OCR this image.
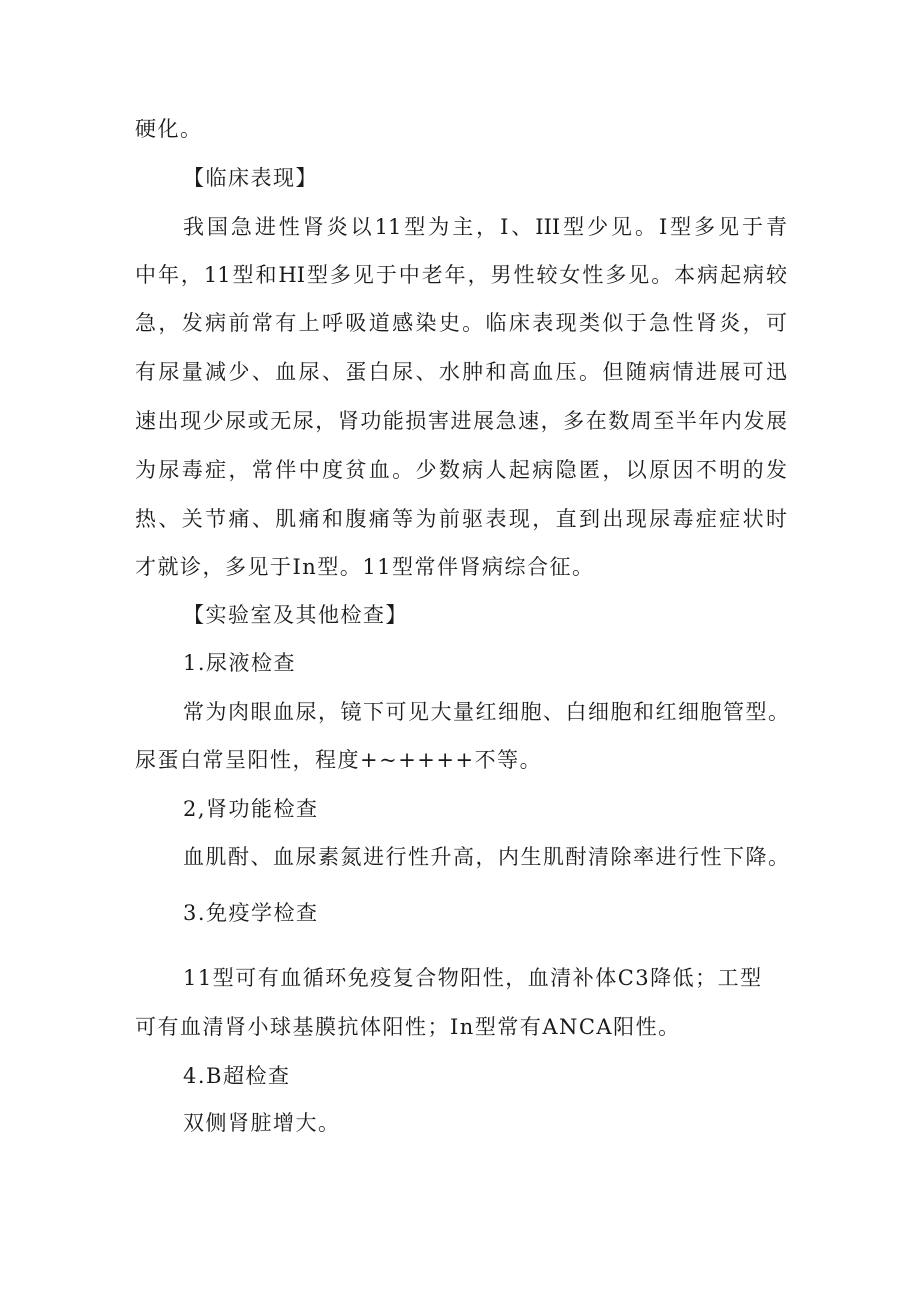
硬化。
【临床表现】
我国急进性肾炎以11型为主，I、III型少见。I型多见于青
中年，11型和HI型多见于中老年，男性较女性多见。本病起病较
急，发病前常有上呼吸道感染史。临床表现类似于急性肾炎，可
有尿量减少、血尿、蛋白尿、水肿和高血压。但随病情进展可迅
速出现少尿或无尿，肾功能损害进展急速，多在数周至半年内发展
为尿毒症，常伴中度贫血。少数病人起病隐匿，以原因不明的发
热、关节痛、肌痛和腹痛等为前驱表现，直到出现尿毒症症状时
才就诊，多见于In型。11型常伴肾病综合征。
【实验室及其他检查】
1.尿液检查
常为肉眼血尿，镜下可见大量红细胞、白细胞和红细胞管型。
尿蛋白常呈阳性，程度+~++++不等。
2,肾功能检查
血肌酎、血尿素氮进行性升高，内生肌酎清除率进行性下降。
3.免疫学检查
11型可有血循环免疫复合物阳性，血清补体C3降低；工型
可有血清肾小球基膜抗体阳性；In型常有ANCA阳性。
4.B超检查
双侧肾脏增大。
